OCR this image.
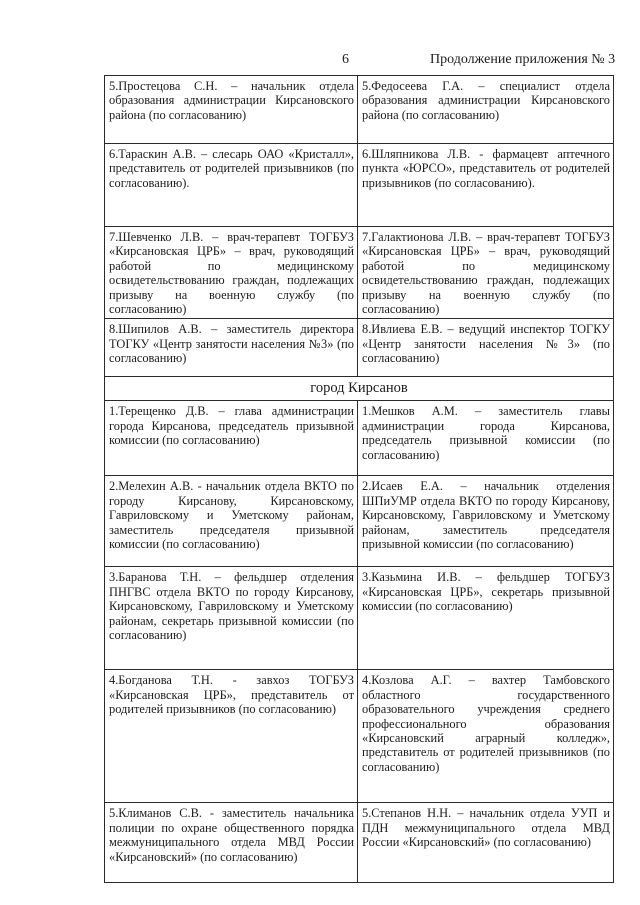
6	Продолжение приложения № 3
5.Простецова С.Н. – начальник отдела образования администрации Кирсановского района (по согласованию)	5.Федосеева Г.А. – специалист отдела образования администрации Кирсановского района (по согласованию)
6.Тараскин А.В. – слесарь ОАО «Кристалл», представитель от родителей призывников (по согласованию).	6.Шляпникова Л.В. - фармацевт аптечного пункта «ЮРСО», представитель от родителей призывников (по согласованию).
7.Шевченко Л.В. – врач-терапевт ТОГБУЗ «Кирсановская ЦРБ» – врач, руководящий работой по медицинскому освидетельствованию граждан, подлежащих призыву на военную службу (по согласованию)	7.Галактионова Л.В. – врач-терапевт ТОГБУЗ «Кирсановская ЦРБ» – врач, руководящий работой по медицинскому освидетельствованию граждан, подлежащих призыву на военную службу (по согласованию)
8.Шипилов А.В. – заместитель директора ТОГКУ «Центр занятости населения №3» (по согласованию)	8.Ивлиева Е.В. – ведущий инспектор ТОГКУ «Центр занятости населения №3» (по согласованию)
город Кирсанов	
1.Терещенко Д.В. – глава администрации города Кирсанова, председатель призывной комиссии (по согласованию)	1.Мешков А.М. – заместитель главы администрации города Кирсанова, председатель призывной комиссии (по согласованию)
2.Мелехин А.В. - начальник отдела ВКТО по городу Кирсанову, Кирсановскому, Гавриловскому и Уметскому районам, заместитель председателя призывной комиссии (по согласованию)	2.Исаев Е.А. – начальник отделения ШПиУМР отдела ВКТО по городу Кирсанову, Кирсановскому, Гавриловскому и Уметскому районам, заместитель председателя призывной комиссии (по согласованию)
3.Баранова Т.Н. – фельдшер отделения ПНГВС отдела ВКТО по городу Кирсанову, Кирсановскому, Гавриловскому и Уметскому районам, секретарь призывной комиссии (по согласованию)	3.Казьмина И.В. – фельдшер ТОГБУЗ «Кирсановская ЦРБ», секретарь призывной комиссии (по согласованию)
4.Богданова Т.Н. - завхоз ТОГБУЗ «Кирсановская ЦРБ», представитель от родителей призывников (по согласованию)	4.Козлова А.Г. – вахтер Тамбовского областного государственного образовательного учреждения среднего профессионального образования «Кирсановский аграрный колледж», представитель от родителей призывников (по согласованию)
5.Климанов С.В. - заместитель начальника полиции по охране общественного порядка межмуниципального отдела МВД России «Кирсановский» (по согласованию)	5.Степанов Н.Н. – начальник отдела УУП и ПДН межмуниципального отдела МВД России «Кирсановский» (по согласованию)
